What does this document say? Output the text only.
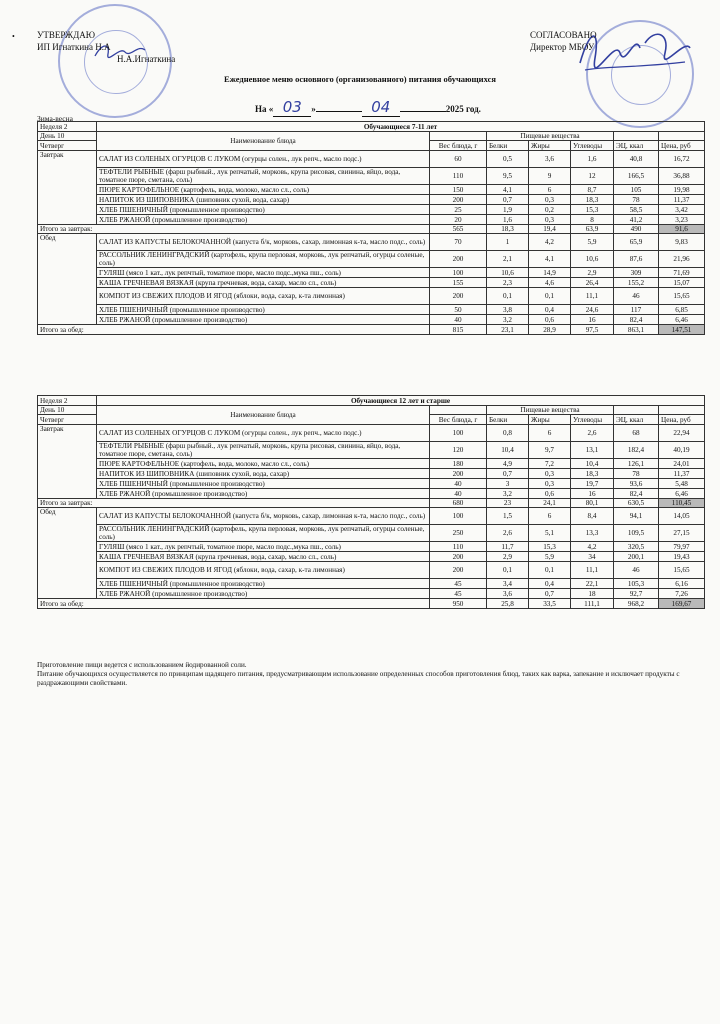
• УТВЕРЖДАЮ
ИП Игнаткина Н.А
Н.А.Игнаткина
СОГЛАСОВАНО
Директор МБОУ
Ежедневное меню основного (организованного) питания обучающихся
На « 03 »	04	2025 год.
Зима-весна
Неделя 2	Обучающиеся 7-11 лет						
День 10	Наименование блюда		Пищевые вещества				
Четверг		Вес блюда, г	Белки	Жиры	Углеводы	ЭЦ, ккал	Цена, руб
Завтрак	САЛАТ ИЗ СОЛЕНЫХ ОГУРЦОВ С ЛУКОМ (огурцы солен., лук репч., масло подс.)	60	0,5	3,6	1,6	40,8	16,72
	ТЕФТЕЛИ РЫБНЫЕ (фарш рыбный., лук репчатый, морковь, крупа рисовая, свинина, яйцо, вода, томатное пюре, сметана, соль)	110	9,5	9	12	166,5	36,88
	ПЮРЕ КАРТОФЕЛЬНОЕ (картофель, вода, молоко, масло сл., соль)	150	4,1	6	8,7	105	19,98
	НАПИТОК ИЗ ШИПОВНИКА (шиповник сухой, вода, сахар)	200	0,7	0,3	18,3	78	11,37
	ХЛЕБ ПШЕНИЧНЫЙ (промышленное производство)	25	1,9	0,2	15,3	58,5	3,42
	ХЛЕБ РЖАНОЙ (промышленное производство)	20	1,6	0,3	8	41,2	3,23
Итого за завтрак:		565	18,3	19,4	63,9	490	91,6
Обед	САЛАТ ИЗ КАПУСТЫ БЕЛОКОЧАННОЙ (капуста б/к, морковь, сахар, лимонная к-та, масло подс., соль)	70	1	4,2	5,9	65,9	9,83
	РАССОЛЬНИК ЛЕНИНГРАДСКИЙ (картофель, крупа перловая, морковь, лук репчатый, огурцы соленые, соль)	200	2,1	4,1	10,6	87,6	21,96
	ГУЛЯШ (мясо 1 кат., лук репчтый, томатное пюре, масло подс.,мука пш., соль)	100	10,6	14,9	2,9	309	71,69
	КАША ГРЕЧНЕВАЯ ВЯЗКАЯ (крупа гречневая, вода, сахар, масло сл., соль)	155	2,3	4,6	26,4	155,2	15,07
	КОМПОТ ИЗ СВЕЖИХ ПЛОДОВ И ЯГОД (яблоки, вода, сахар, к-та лимонная)	200	0,1	0,1	11,1	46	15,65
	ХЛЕБ ПШЕНИЧНЫЙ (промышленное производство)	50	3,8	0,4	24,6	117	6,85
	ХЛЕБ РЖАНОЙ (промышленное производство)	40	3,2	0,6	16	82,4	6,46
Итого за обед:		815	23,1	28,9	97,5	863,1	147,51
Неделя 2	Обучающиеся 12 лет и старше						
День 10	Наименование блюда		Пищевые вещества				
Четверг		Вес блюда, г	Белки	Жиры	Углеводы	ЭЦ, ккал	Цена, руб
Завтрак	САЛАТ ИЗ СОЛЕНЫХ ОГУРЦОВ С ЛУКОМ (огурцы солен., лук репч., масло подс.)	100	0,8	6	2,6	68	22,94
	ТЕФТЕЛИ РЫБНЫЕ (фарш рыбный., лук репчатый, морковь, крупа рисовая, свинина, яйцо, вода, томатное пюре, сметана, соль)	120	10,4	9,7	13,1	182,4	40,19
	ПЮРЕ КАРТОФЕЛЬНОЕ (картофель, вода, молоко, масло сл., соль)	180	4,9	7,2	10,4	126,1	24,01
	НАПИТОК ИЗ ШИПОВНИКА (шиповник сухой, вода, сахар)	200	0,7	0,3	18,3	78	11,37
	ХЛЕБ ПШЕНИЧНЫЙ (промышленное производство)	40	3	0,3	19,7	93,6	5,48
	ХЛЕБ РЖАНОЙ (промышленное производство)	40	3,2	0,6	16	82,4	6,46
Итого за завтрак:		680	23	24,1	80,1	630,5	110,45
Обед	САЛАТ ИЗ КАПУСТЫ БЕЛОКОЧАННОЙ (капуста б/к, морковь, сахар, лимонная к-та, масло подс., соль)	100	1,5	6	8,4	94,1	14,05
	РАССОЛЬНИК ЛЕНИНГРАДСКИЙ (картофель, крупа перловая, морковь, лук репчатый, огурцы соленые, соль)	250	2,6	5,1	13,3	109,5	27,15
	ГУЛЯШ (мясо 1 кат., лук репчтый, томатное пюре, масло подс.,мука пш., соль)	110	11,7	15,3	4,2	320,5	79,97
	КАША ГРЕЧНЕВАЯ ВЯЗКАЯ (крупа гречневая, вода, сахар, масло сл., соль)	200	2,9	5,9	34	200,1	19,43
	КОМПОТ ИЗ СВЕЖИХ ПЛОДОВ И ЯГОД (яблоки, вода, сахар, к-та лимонная)	200	0,1	0,1	11,1	46	15,65
	ХЛЕБ ПШЕНИЧНЫЙ (промышленное производство)	45	3,4	0,4	22,1	105,3	6,16
	ХЛЕБ РЖАНОЙ (промышленное производство)	45	3,6	0,7	18	92,7	7,26
Итого за обед:		950	25,8	33,5	111,1	968,2	169,67
Приготовление пищи ведется с использованием йодированной соли.
Питание обучающихся осуществляется по принципам щадящего питания, предусматривающим использование определенных способов приготовления блюд, таких как варка, запекание и исключает продукты с раздражающими свойствами.
